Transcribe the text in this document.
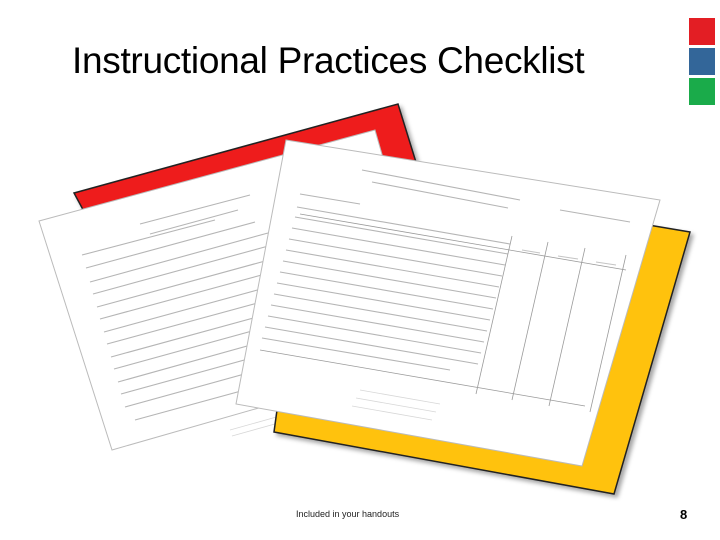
Instructional Practices Checklist
Included in your handouts	8
